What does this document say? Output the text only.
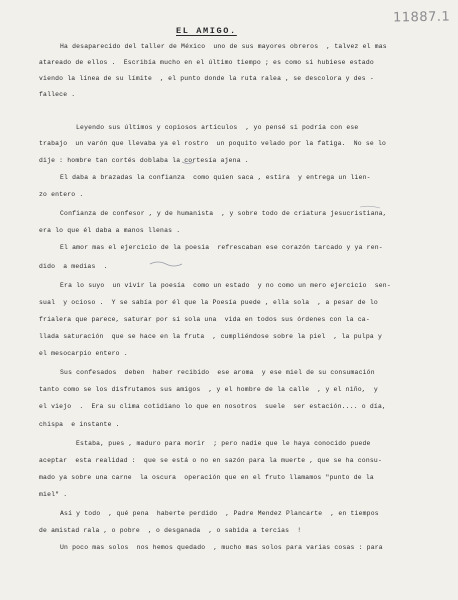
11887.1
EL AMIGO.
Ha desaparecido del taller de México  uno de sus mayores obreros  , talvez el mas
atareado de ellos .  Escribía mucho en el último tiempo ; es como si hubiese estado
viendo la línea de su límite  , el punto donde la ruta ralea , se descolora y des -
fallece .
Leyendo sus últimos y copiosos artículos  , yo pensé si podría con ese
trabajo  un varón que llevaba ya el rostro  un poquito velado por la fatiga.  No se lo
dije : hombre tan cortés doblaba la cortesía ajena .
El daba a brazadas la confianza  como quien saca , estira  y entrega un lien-
zo entero .
Confianza de confesor , y de humanista  , y sobre todo de criatura jesucristiana,
era lo que él daba a manos llenas .
El amor mas el ejercicio de la poesía  refrescaban ese corazón tarcado y ya ren-
dido  a medias  .
Era lo suyo  un vivir la poesía  como un estado  y no como un mero ejercicio  sen-
sual  y ocioso .  Y se sabía por él que la Poesía puede , ella sola  , a pesar de lo
frialera que parece, saturar por sí sola una  vida en todos sus órdenes con la ca-
llada saturación  que se hace en la fruta  , cumpliéndose sobre la piel  , la pulpa y
el mesocarpio entero .
Sus confesados  deben  haber recibido  ese aroma  y ese miel de su consumación
tanto como se los disfrutamos sus amigos  , y el hombre de la calle  , y el niño,  y
el viejo  .  Era su clima cotidiano lo que en nosotros  suele  ser estación.... o día,
chispa  e instante .
Estaba, pues , maduro para morir  ; pero nadie que le haya conocido puede
aceptar  esta realidad :  que se está o no en sazón para la muerte , que se ha consu-
mado ya sobre una carne  la oscura  operación que en el fruto llamamos "punto de la
miel" .
Así y todo  , qué pena  haberte perdido  , Padre Mendez Plancarte  , en tiempos
de amistad rala , o pobre  , o desganada  , o sabida a tercias  !
Un poco mas solos  nos hemos quedado  , mucho mas solos para varias cosas : para
